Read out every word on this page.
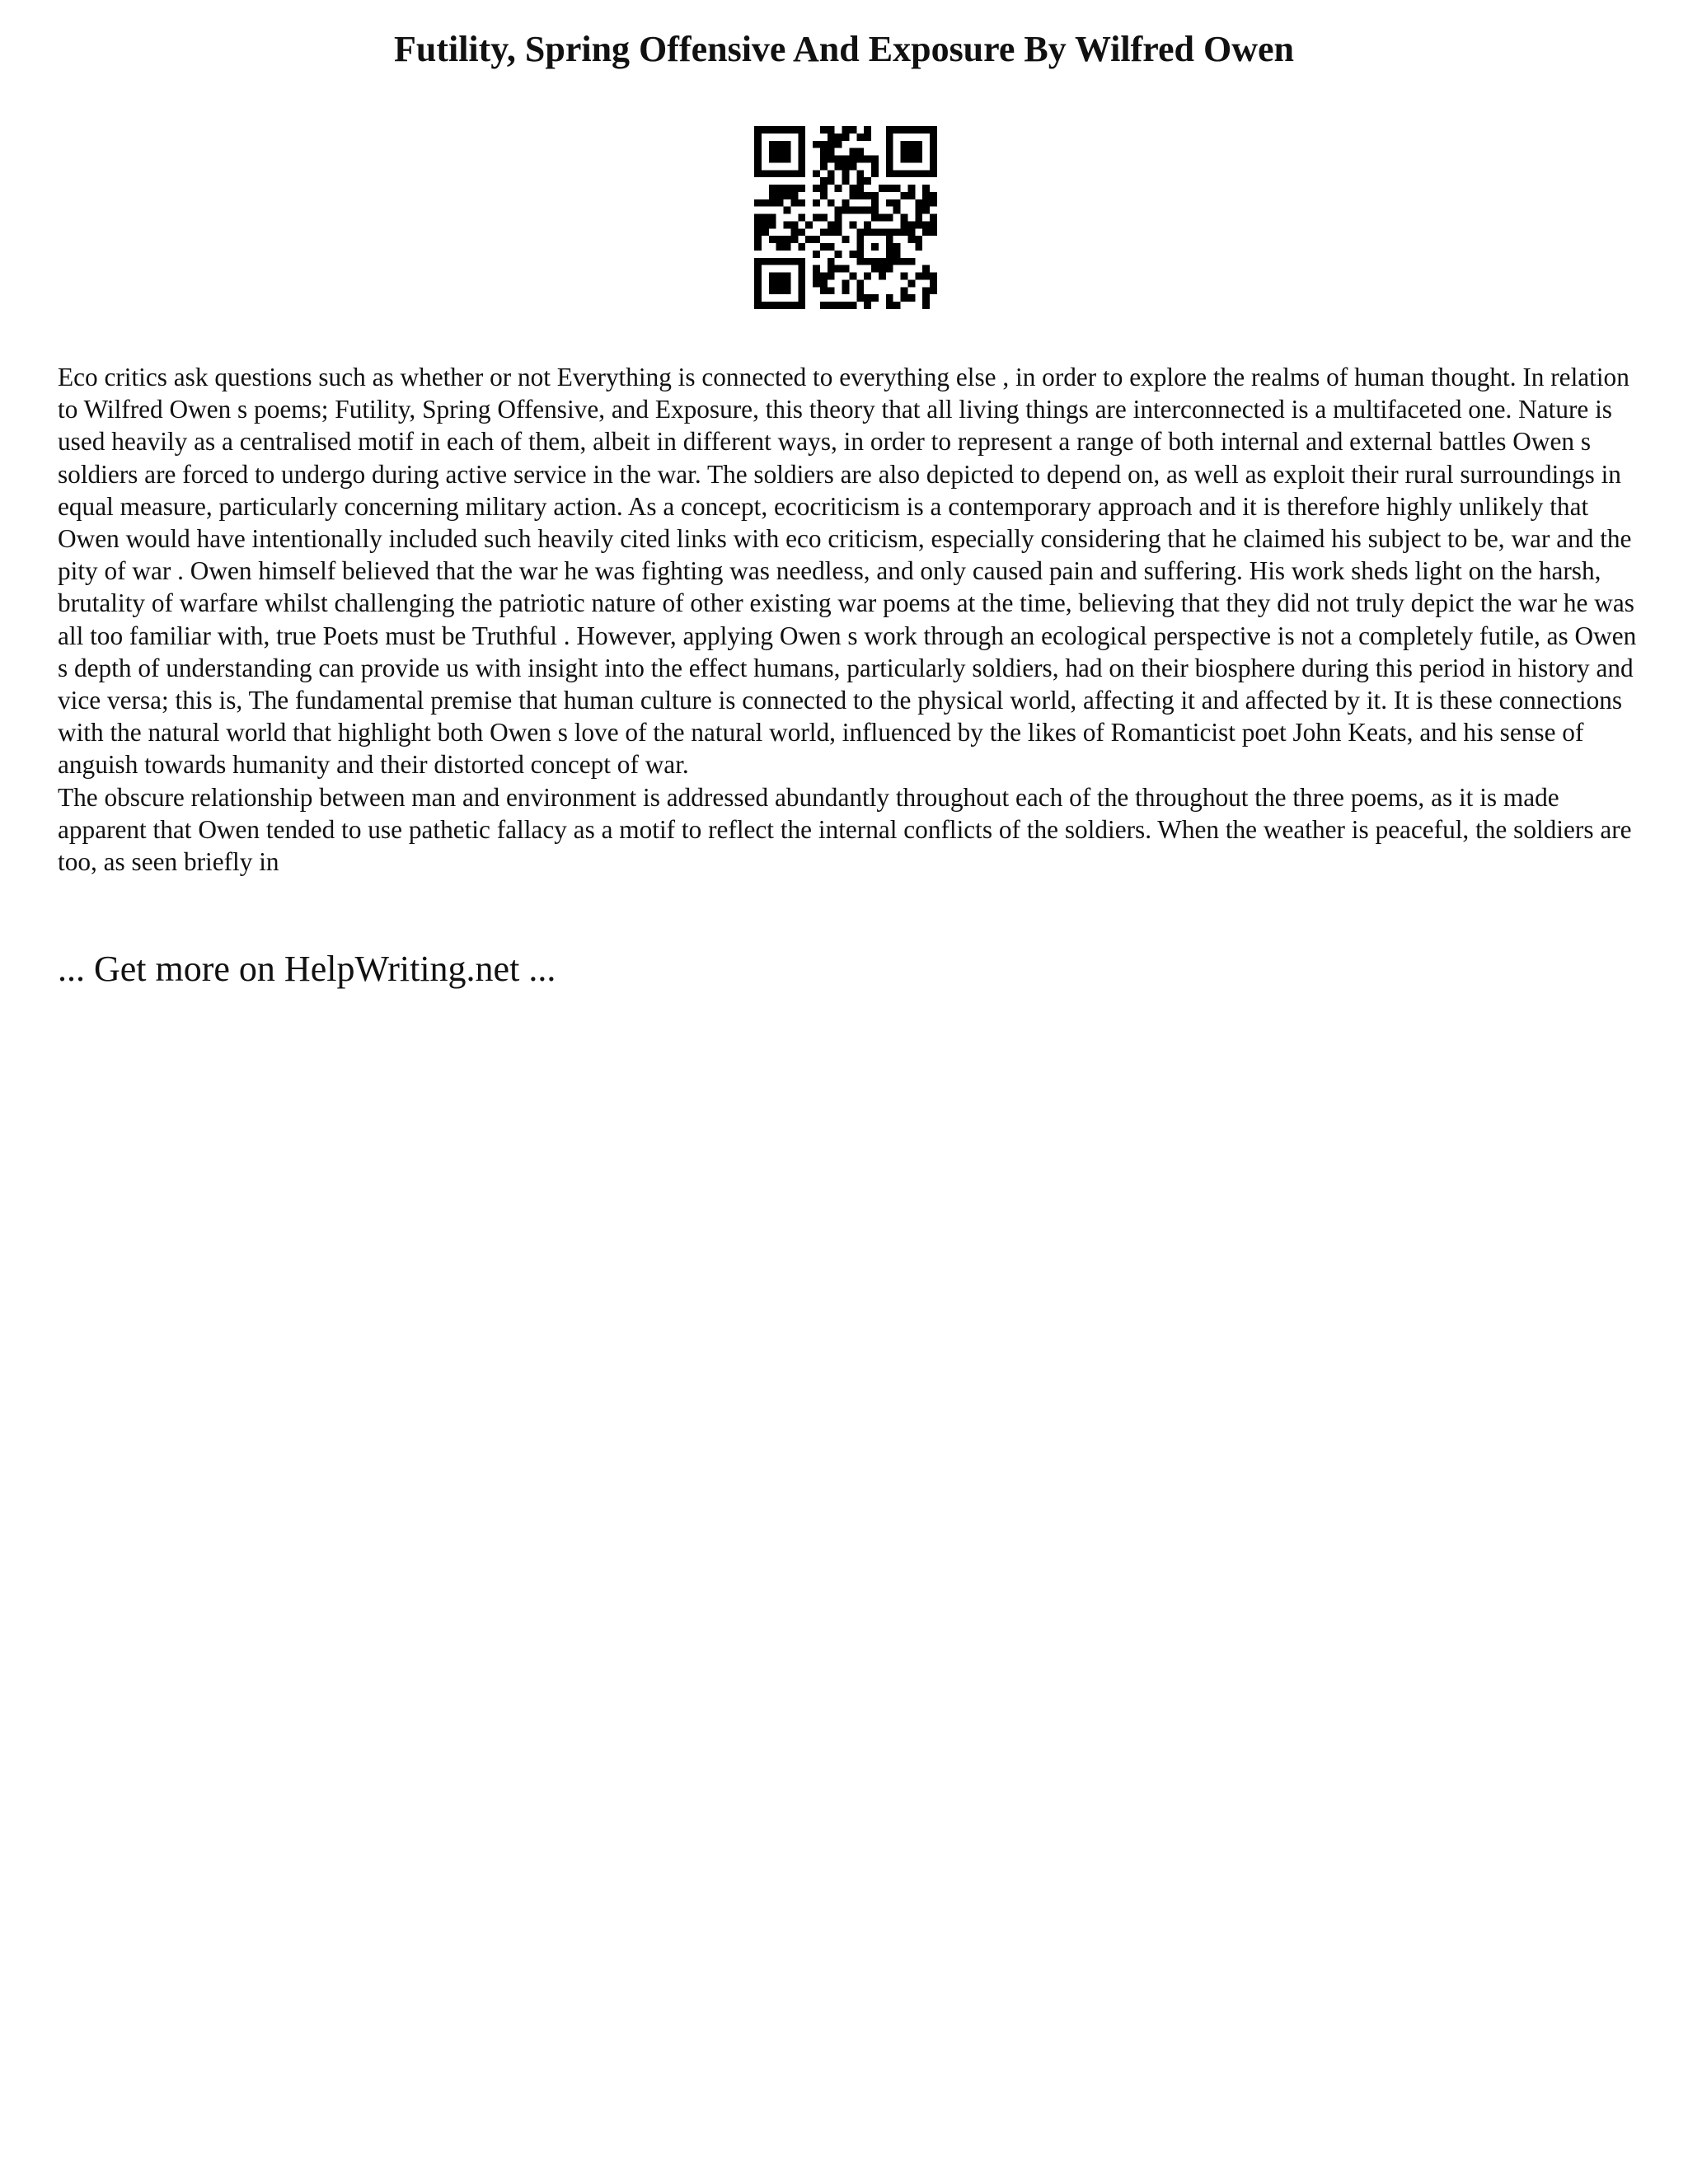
Futility, Spring Offensive And Exposure By Wilfred Owen

Eco critics ask questions such as whether or not Everything is connected to everything else , in order to explore the realms of human thought. In relation to Wilfred Owen s poems; Futility, Spring Offensive, and Exposure, this theory that all living things are interconnected is a multifaceted one. Nature is used heavily as a centralised motif in each of them, albeit in different ways, in order to represent a range of both internal and external battles Owen s soldiers are forced to undergo during active service in the war. The soldiers are also depicted to depend on, as well as exploit their rural surroundings in equal measure, particularly concerning military action. As a concept, ecocriticism is a contemporary approach and it is therefore highly unlikely that Owen would have intentionally included such heavily cited links with eco criticism, especially considering that he claimed his subject to be, war and the pity of war . Owen himself believed that the war he was fighting was needless, and only caused pain and suffering. His work sheds light on the harsh, brutality of warfare whilst challenging the patriotic nature of other existing war poems at the time, believing that they did not truly depict the war he was all too familiar with, true Poets must be Truthful . However, applying Owen s work through an ecological perspective is not a completely futile, as Owen s depth of understanding can provide us with insight into the effect humans, particularly soldiers, had on their biosphere during this period in history and vice versa; this is, The fundamental premise that human culture is connected to the physical world, affecting it and affected by it. It is these connections with the natural world that highlight both Owen s love of the natural world, influenced by the likes of Romanticist poet John Keats, and his sense of anguish towards humanity and their distorted concept of war.

The obscure relationship between man and environment is addressed abundantly throughout each of the throughout the three poems, as it is made apparent that Owen tended to use pathetic fallacy as a motif to reflect the internal conflicts of the soldiers. When the weather is peaceful, the soldiers are too, as seen briefly in

... Get more on HelpWriting.net ...
